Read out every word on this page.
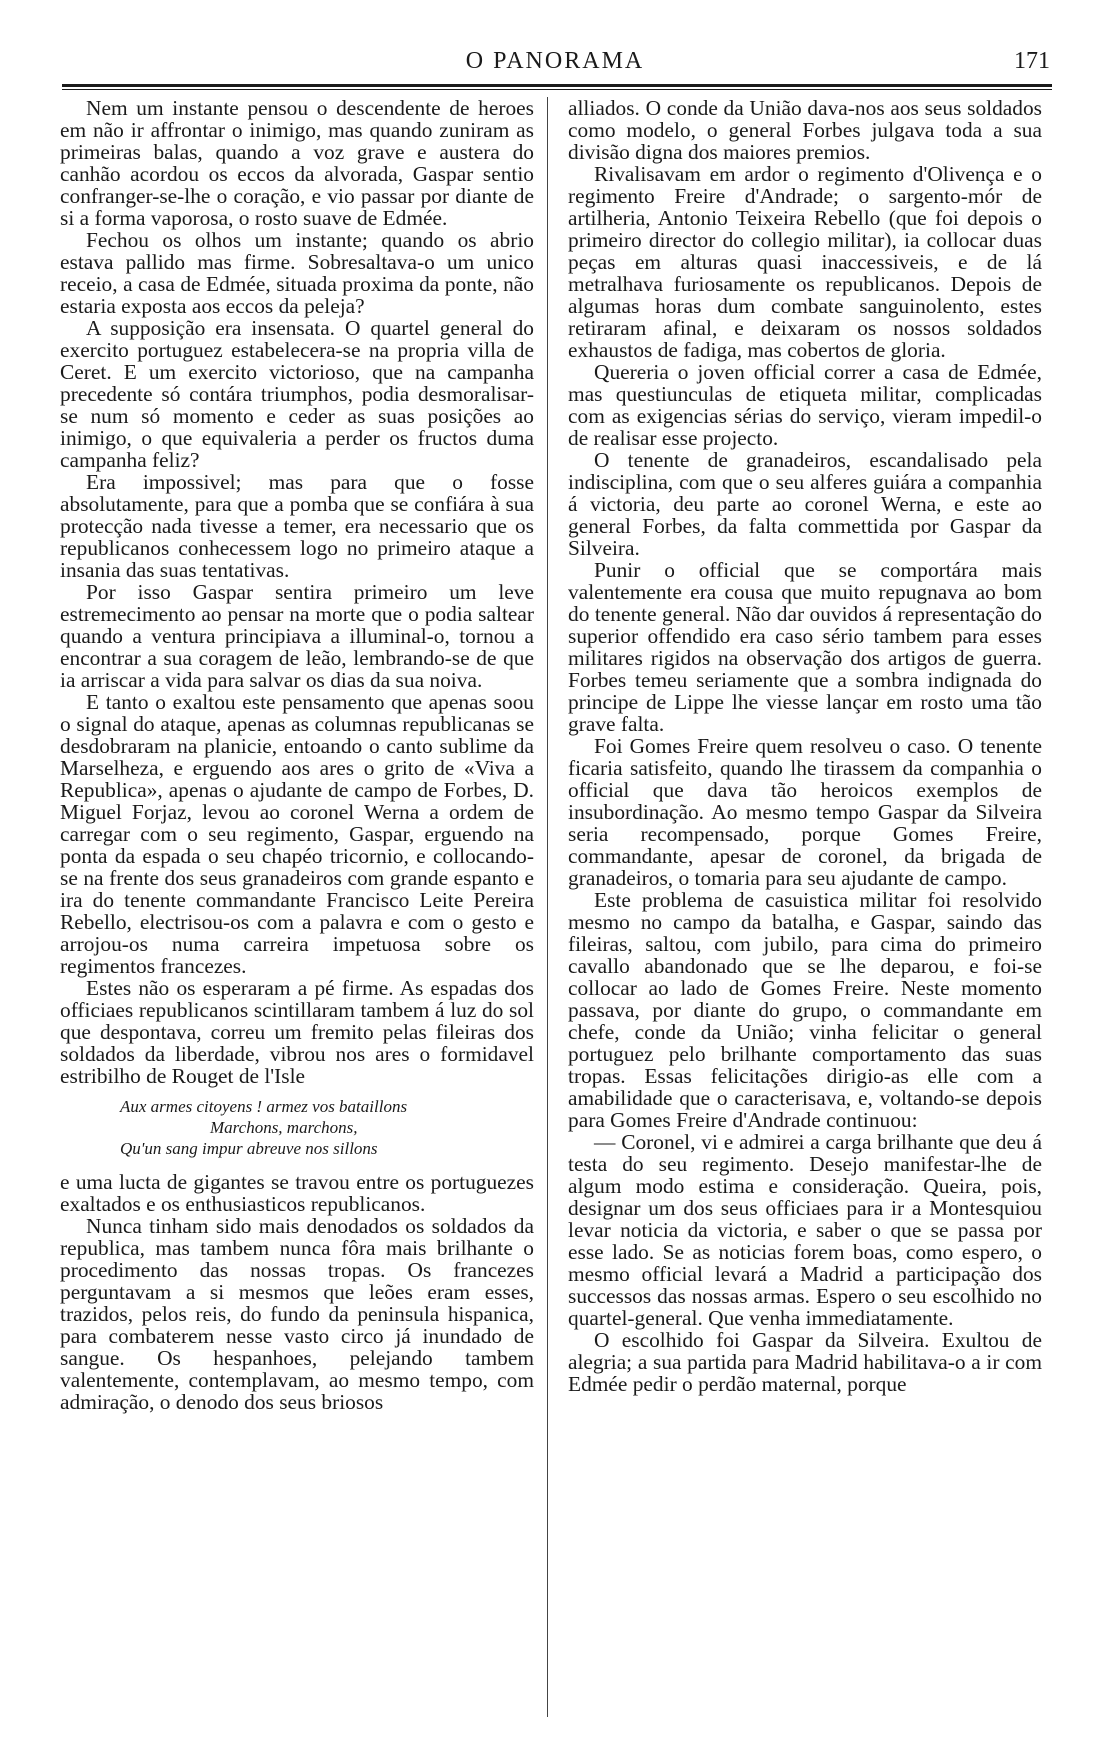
O PANORAMA	171

Nem um instante pensou o descendente de heroes em não ir affrontar o inimigo, mas quando zuniram as primeiras balas, quando a voz grave e austera do canhão acordou os eccos da alvorada, Gaspar sentio confranger-se-lhe o coração, e vio passar por diante de si a forma vaporosa, o rosto suave de Edmée.

Fechou os olhos um instante; quando os abrio estava pallido mas firme. Sobresaltava-o um unico receio, a casa de Edmée, situada proxima da ponte, não estaria exposta aos eccos da peleja?

A supposição era insensata. O quartel general do exercito portuguez estabelecera-se na propria villa de Ceret. E um exercito victorioso, que na campanha precedente só contára triumphos, podia desmoralisar-se num só momento e ceder as suas posições ao inimigo, o que equivaleria a perder os fructos duma campanha feliz?

Era impossivel; mas para que o fosse absolutamente, para que a pomba que se confiára à sua protecção nada tivesse a temer, era necessario que os republicanos conhecessem logo no primeiro ataque a insania das suas tentativas.

Por isso Gaspar sentira primeiro um leve estremecimento ao pensar na morte que o podia saltear quando a ventura principiava a illuminal-o, tornou a encontrar a sua coragem de leão, lembrando-se de que ia arriscar a vida para salvar os dias da sua noiva.

E tanto o exaltou este pensamento que apenas soou o signal do ataque, apenas as columnas republicanas se desdobraram na planicie, entoando o canto sublime da Marselheza, e erguendo aos ares o grito de «Viva a Republica», apenas o ajudante de campo de Forbes, D. Miguel Forjaz, levou ao coronel Werna a ordem de carregar com o seu regimento, Gaspar, erguendo na ponta da espada o seu chapéo tricornio, e collocando-se na frente dos seus granadeiros com grande espanto e ira do tenente commandante Francisco Leite Pereira Rebello, electrisou-os com a palavra e com o gesto e arrojou-os numa carreira impetuosa sobre os regimentos francezes.

Estes não os esperaram a pé firme. As espadas dos officiaes republicanos scintillaram tambem á luz do sol que despontava, correu um fremito pelas fileiras dos soldados da liberdade, vibrou nos ares o formidavel estribilho de Rouget de l'Isle

Aux armes citoyens ! armez vos bataillons
Marchons, marchons,
Qu'un sang impur abreuve nos sillons

e uma lucta de gigantes se travou entre os portuguezes exaltados e os enthusiasticos republicanos.

Nunca tinham sido mais denodados os soldados da republica, mas tambem nunca fôra mais brilhante o procedimento das nossas tropas. Os francezes perguntavam a si mesmos que leões eram esses, trazidos, pelos reis, do fundo da peninsula hispanica, para combaterem nesse vasto circo já inundado de sangue. Os hespanhoes, pelejando tambem valentemente, contemplavam, ao mesmo tempo, com admiração, o denodo dos seus briosos

alliados. O conde da União dava-nos aos seus soldados como modelo, o general Forbes julgava toda a sua divisão digna dos maiores premios.

Rivalisavam em ardor o regimento d'Olivença e o regimento Freire d'Andrade; o sargento-mór de artilheria, Antonio Teixeira Rebello (que foi depois o primeiro director do collegio militar), ia collocar duas peças em alturas quasi inaccessiveis, e de lá metralhava furiosamente os republicanos. Depois de algumas horas dum combate sanguinolento, estes retiraram afinal, e deixaram os nossos soldados exhaustos de fadiga, mas cobertos de gloria.

Quereria o joven official correr a casa de Edmée, mas questiunculas de etiqueta militar, complicadas com as exigencias sérias do serviço, vieram impedil-o de realisar esse projecto.

O tenente de granadeiros, escandalisado pela indisciplina, com que o seu alferes guiára a companhia á victoria, deu parte ao coronel Werna, e este ao general Forbes, da falta commettida por Gaspar da Silveira.

Punir o official que se comportára mais valentemente era cousa que muito repugnava ao bom do tenente general. Não dar ouvidos á representação do superior offendido era caso sério tambem para esses militares rigidos na observação dos artigos de guerra. Forbes temeu seriamente que a sombra indignada do principe de Lippe lhe viesse lançar em rosto uma tão grave falta.

Foi Gomes Freire quem resolveu o caso. O tenente ficaria satisfeito, quando lhe tirassem da companhia o official que dava tão heroicos exemplos de insubordinação. Ao mesmo tempo Gaspar da Silveira seria recompensado, porque Gomes Freire, commandante, apesar de coronel, da brigada de granadeiros, o tomaria para seu ajudante de campo.

Este problema de casuistica militar foi resolvido mesmo no campo da batalha, e Gaspar, saindo das fileiras, saltou, com jubilo, para cima do primeiro cavallo abandonado que se lhe deparou, e foi-se collocar ao lado de Gomes Freire. Neste momento passava, por diante do grupo, o commandante em chefe, conde da União; vinha felicitar o general portuguez pelo brilhante comportamento das suas tropas. Essas felicitações dirigio-as elle com a amabilidade que o caracterisava, e, voltando-se depois para Gomes Freire d'Andrade continuou:

— Coronel, vi e admirei a carga brilhante que deu á testa do seu regimento. Desejo manifestar-lhe de algum modo estima e consideração. Queira, pois, designar um dos seus officiaes para ir a Montesquiou levar noticia da victoria, e saber o que se passa por esse lado. Se as noticias forem boas, como espero, o mesmo official levará a Madrid a participação dos successos das nossas armas. Espero o seu escolhido no quartel-general. Que venha immediatamente.

O escolhido foi Gaspar da Silveira. Exultou de alegria; a sua partida para Madrid habilitava-o a ir com Edmée pedir o perdão maternal, porque
